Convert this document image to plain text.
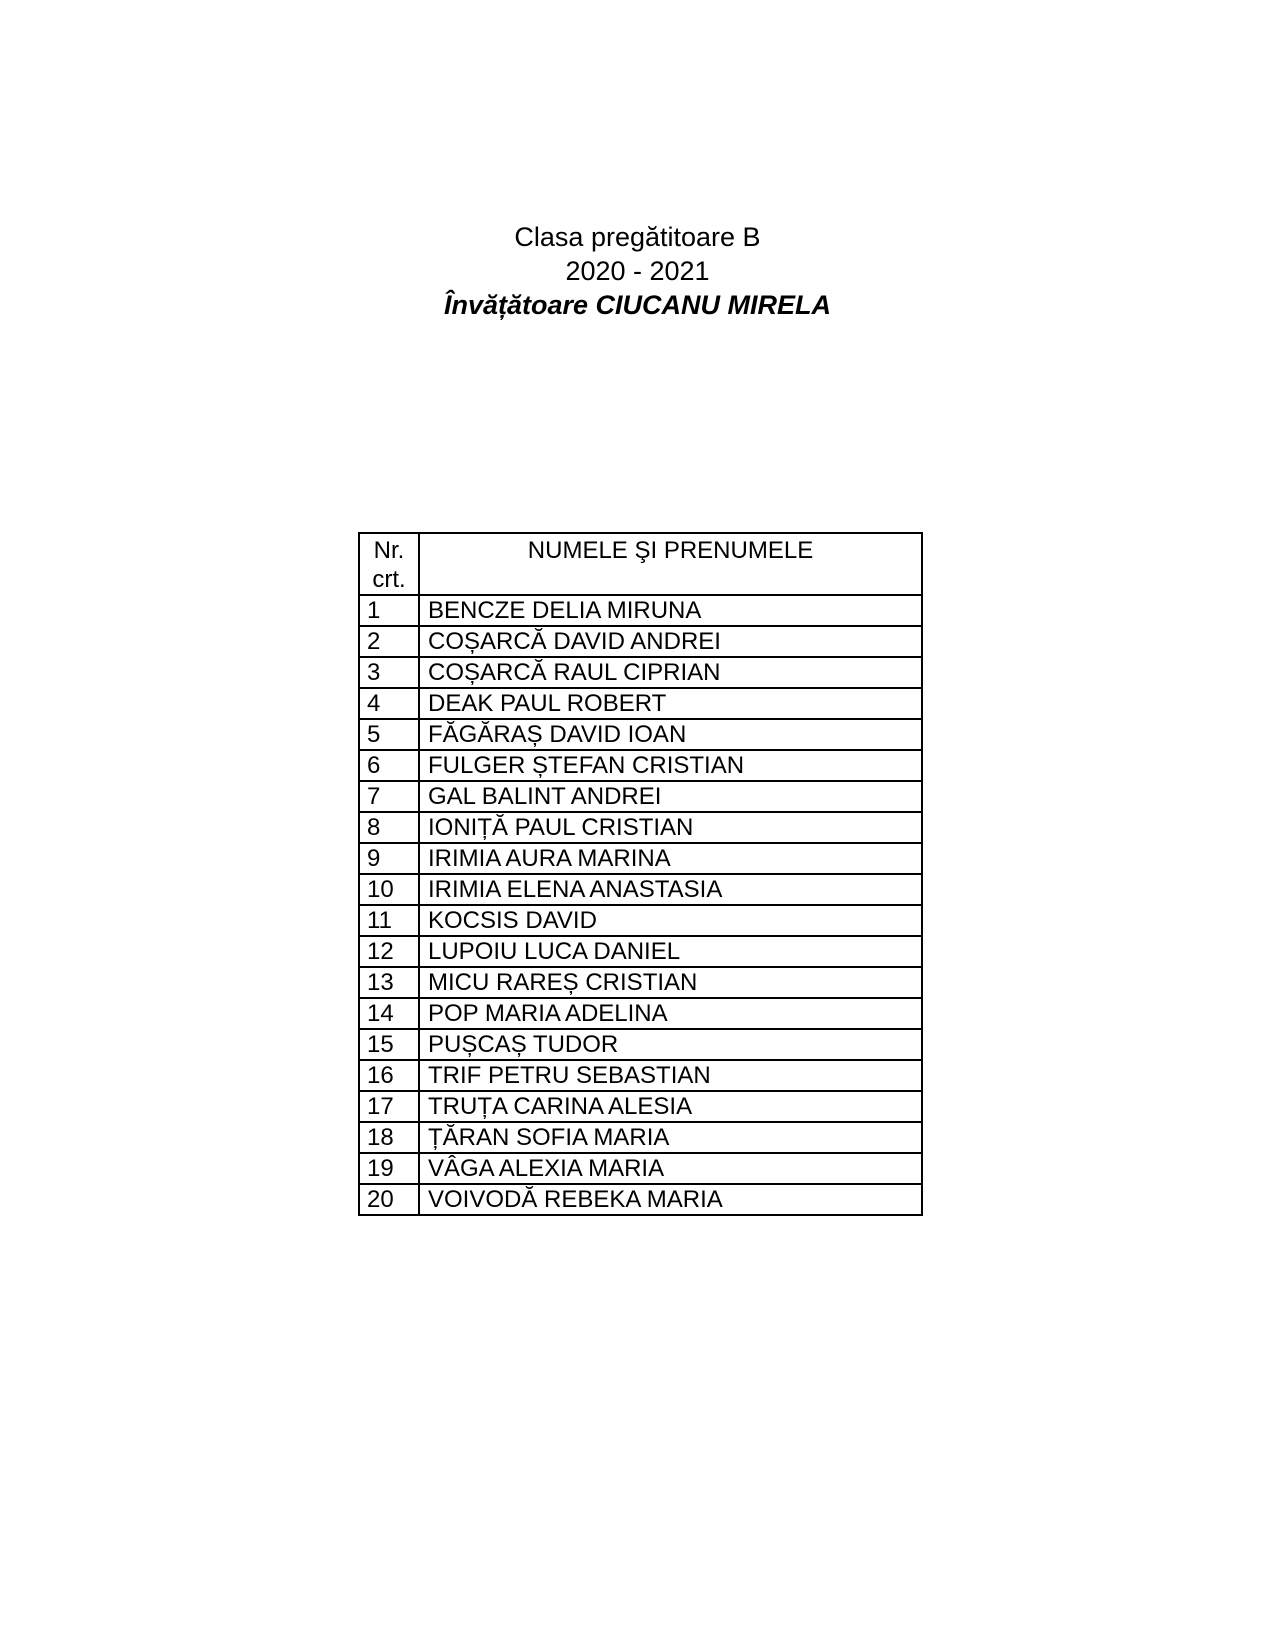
Clasa pregătitoare B

2020 - 2021

Învățătoare CIUCANU MIRELA

Nr.
crt.	NUMELE ŞI PRENUMELE
1	BENCZE DELIA MIRUNA
2	COȘARCĂ DAVID ANDREI
3	COȘARCĂ RAUL CIPRIAN
4	DEAK PAUL ROBERT
5	FĂGĂRAȘ DAVID IOAN
6	FULGER ȘTEFAN CRISTIAN
7	GAL BALINT ANDREI
8	IONIȚĂ PAUL CRISTIAN
9	IRIMIA AURA MARINA
10	IRIMIA ELENA ANASTASIA
11	KOCSIS DAVID
12	LUPOIU LUCA DANIEL
13	MICU RAREȘ CRISTIAN
14	POP MARIA ADELINA
15	PUȘCAȘ TUDOR
16	TRIF PETRU SEBASTIAN
17	TRUȚA CARINA ALESIA
18	ȚĂRAN SOFIA MARIA
19	VÂGA ALEXIA MARIA
20	VOIVODĂ REBEKA MARIA
